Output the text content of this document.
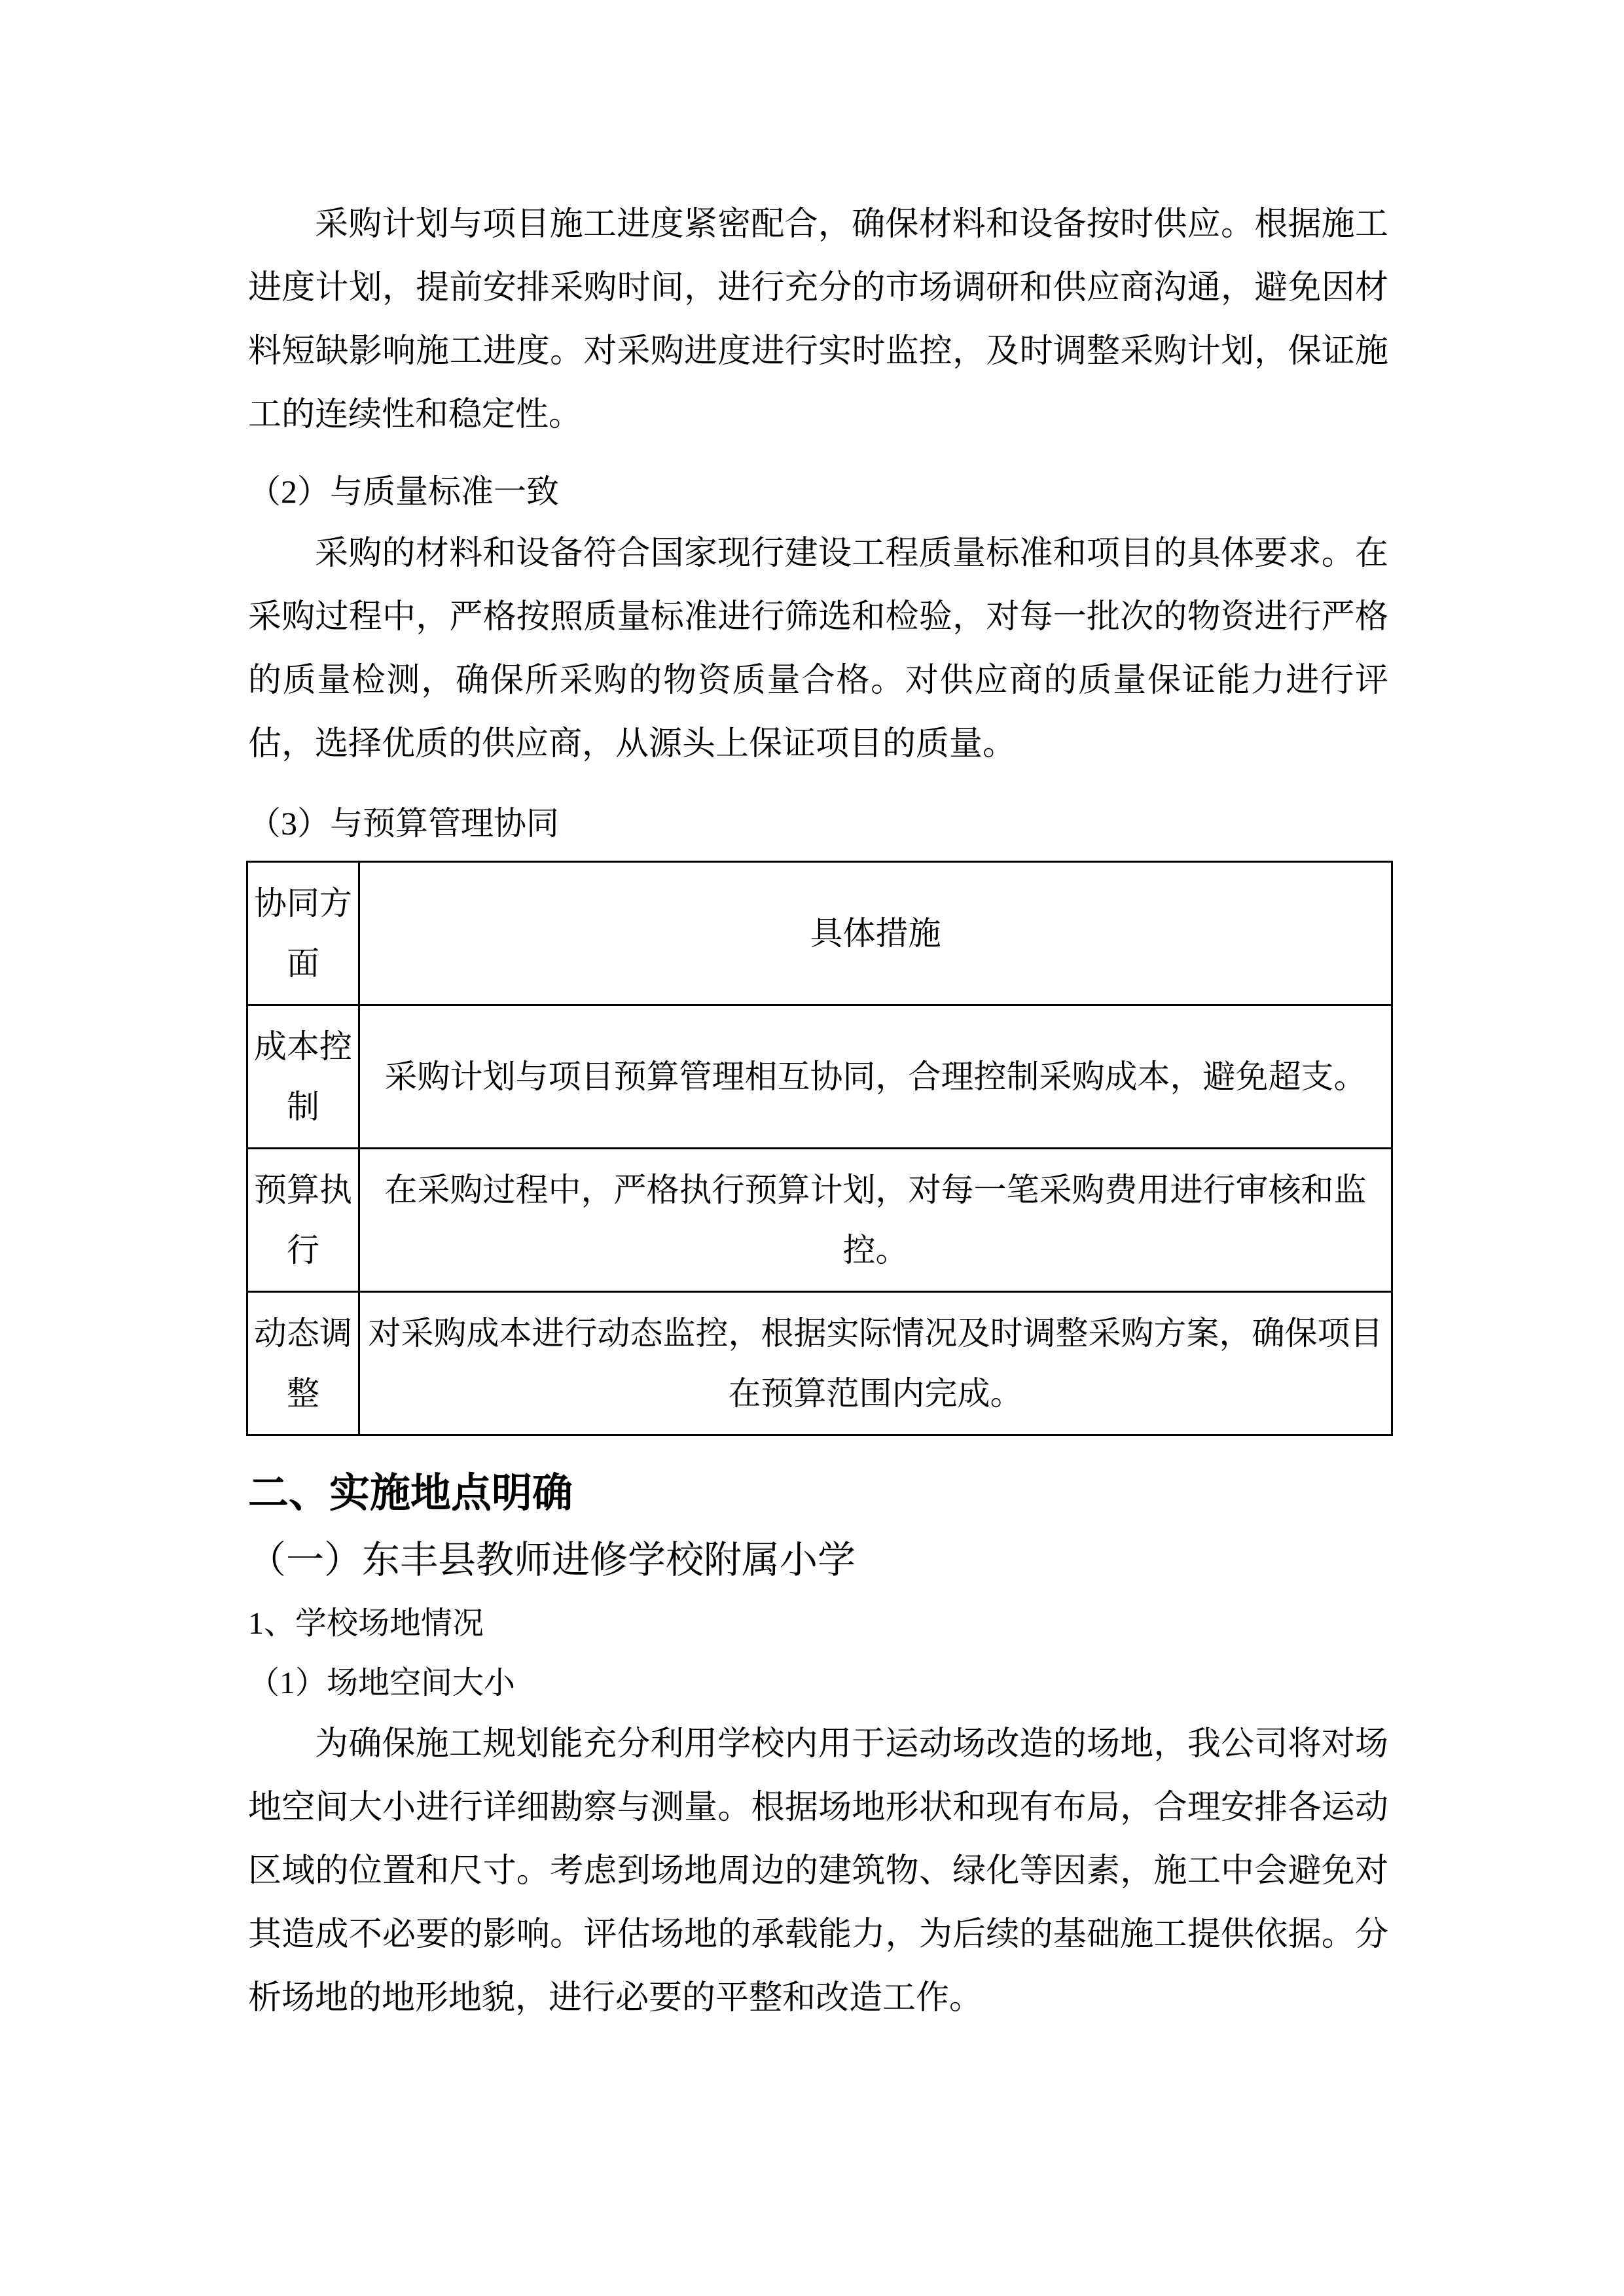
采购计划与项目施工进度紧密配合，确保材料和设备按时供应。根据施工进度计划，提前安排采购时间，进行充分的市场调研和供应商沟通，避免因材料短缺影响施工进度。对采购进度进行实时监控，及时调整采购计划，保证施工的连续性和稳定性。

（2）与质量标准一致

采购的材料和设备符合国家现行建设工程质量标准和项目的具体要求。在采购过程中，严格按照质量标准进行筛选和检验，对每一批次的物资进行严格的质量检测，确保所采购的物资质量合格。对供应商的质量保证能力进行评估，选择优质的供应商，从源头上保证项目的质量。

（3）与预算管理协同

协同方面	具体措施
成本控制	采购计划与项目预算管理相互协同，合理控制采购成本，避免超支。
预算执行	在采购过程中，严格执行预算计划，对每一笔采购费用进行审核和监控。
动态调整	对采购成本进行动态监控，根据实际情况及时调整采购方案，确保项目在预算范围内完成。
二、实施地点明确

（一）东丰县教师进修学校附属小学

1、学校场地情况

（1）场地空间大小

为确保施工规划能充分利用学校内用于运动场改造的场地，我公司将对场地空间大小进行详细勘察与测量。根据场地形状和现有布局，合理安排各运动区域的位置和尺寸。考虑到场地周边的建筑物、绿化等因素，施工中会避免对其造成不必要的影响。评估场地的承载能力，为后续的基础施工提供依据。分析场地的地形地貌，进行必要的平整和改造工作。
